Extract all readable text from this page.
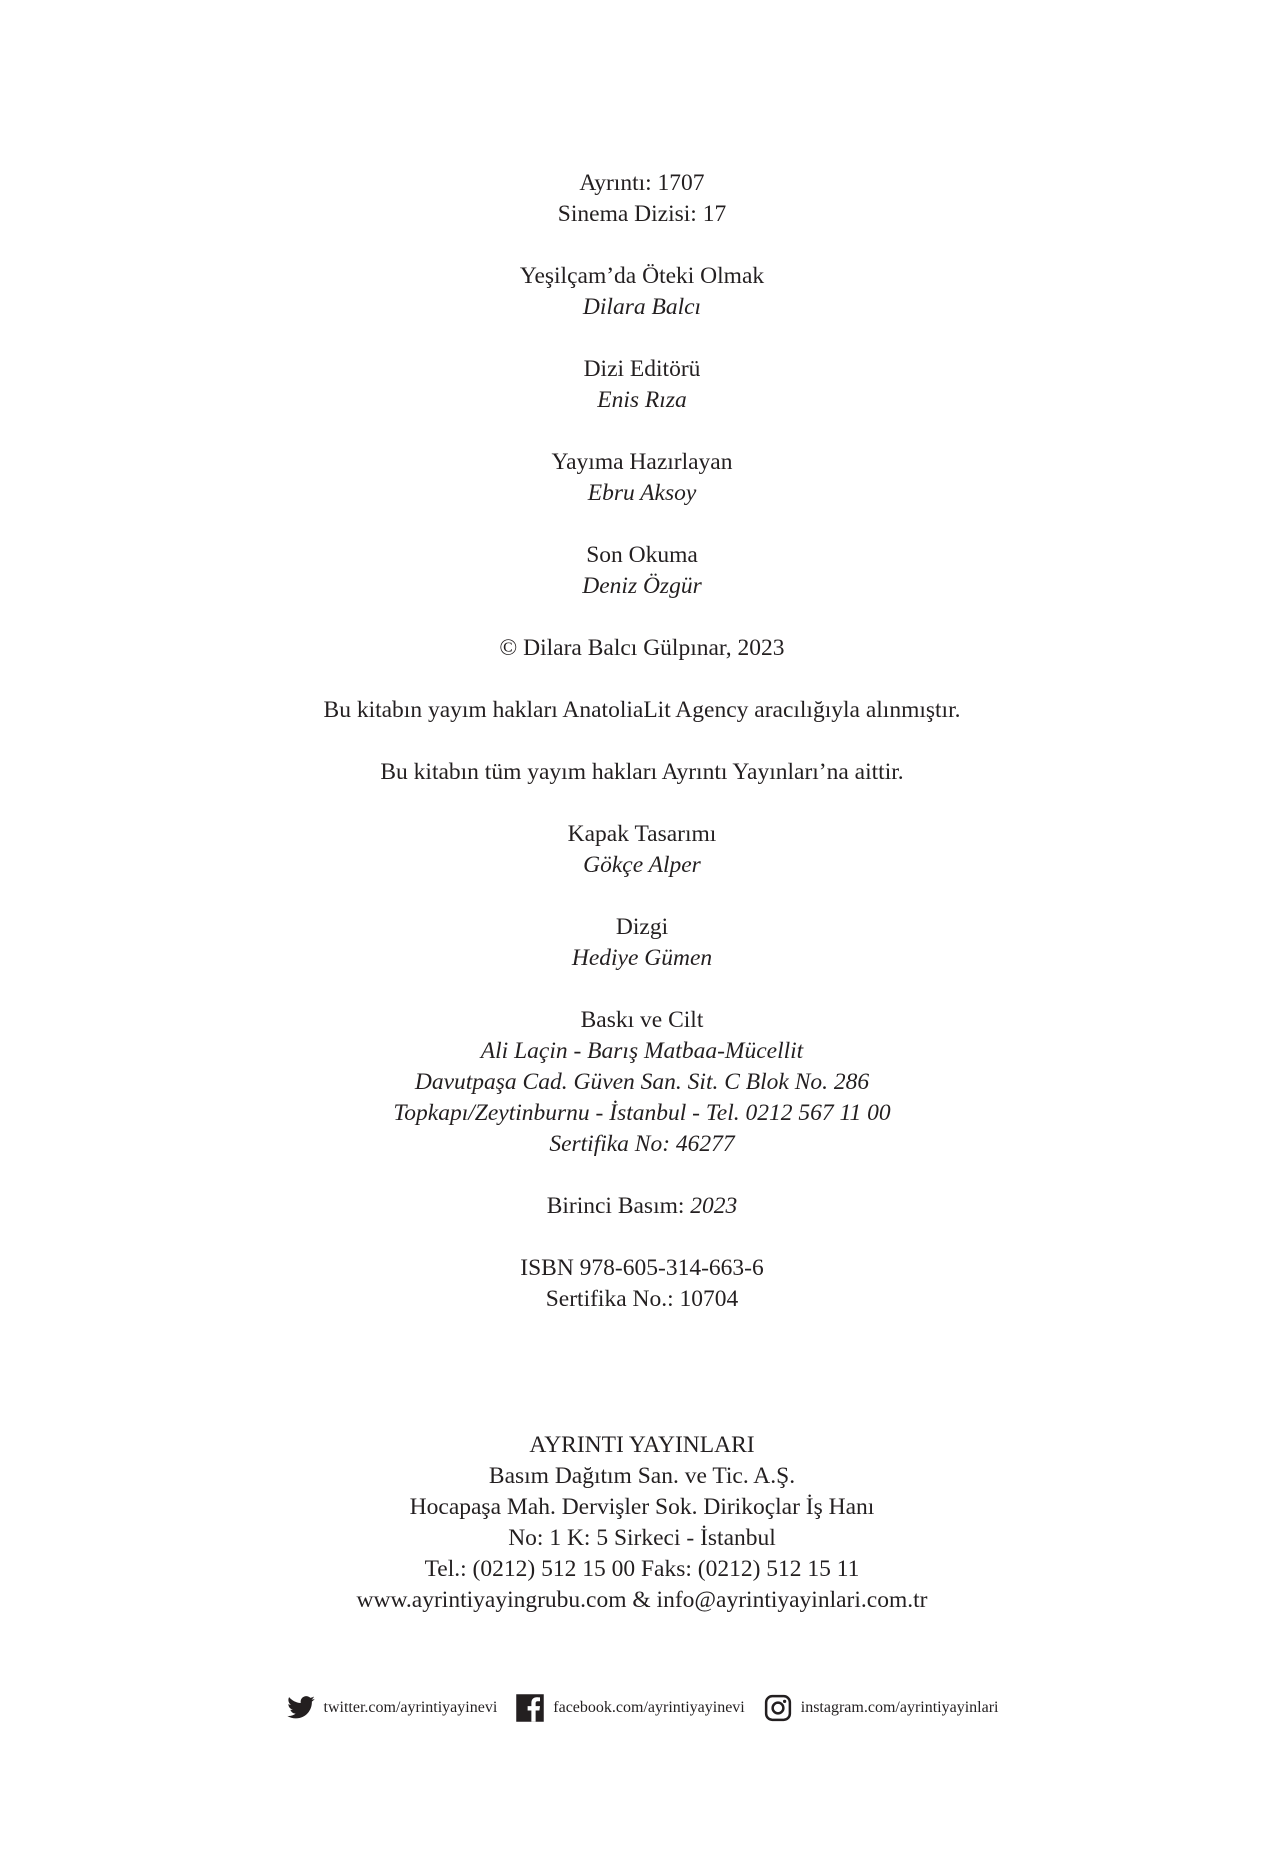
Ayrıntı: 1707
Sinema Dizisi: 17
Yeşilçam’da Öteki Olmak
Dilara Balcı
Dizi Editörü
Enis Rıza
Yayıma Hazırlayan
Ebru Aksoy
Son Okuma
Deniz Özgür
© Dilara Balcı Gülpınar, 2023
Bu kitabın yayım hakları AnatoliaLit Agency aracılığıyla alınmıştır.
Bu kitabın tüm yayım hakları Ayrıntı Yayınları’na aittir.
Kapak Tasarımı
Gökçe Alper
Dizgi
Hediye Gümen
Baskı ve Cilt
Ali Laçin - Barış Matbaa-Mücellit
Davutpaşa Cad. Güven San. Sit. C Blok No. 286
Topkapı/Zeytinburnu - İstanbul - Tel. 0212 567 11 00
Sertifika No: 46277
Birinci Basım: 2023
ISBN 978-605-314-663-6
Sertifika No.: 10704
AYRINTI YAYINLARI
Basım Dağıtım San. ve Tic. A.Ş.
Hocapaşa Mah. Dervişler Sok. Dirikoçlar İş Hanı
No: 1 K: 5 Sirkeci - İstanbul
Tel.: (0212) 512 15 00 Faks: (0212) 512 15 11
www.ayrintiyayingrubu.com & info@ayrintiyayinlari.com.tr
twitter.com/ayrintiyayinevi	facebook.com/ayrintiyayinevi	instagram.com/ayrintiyayinlari
